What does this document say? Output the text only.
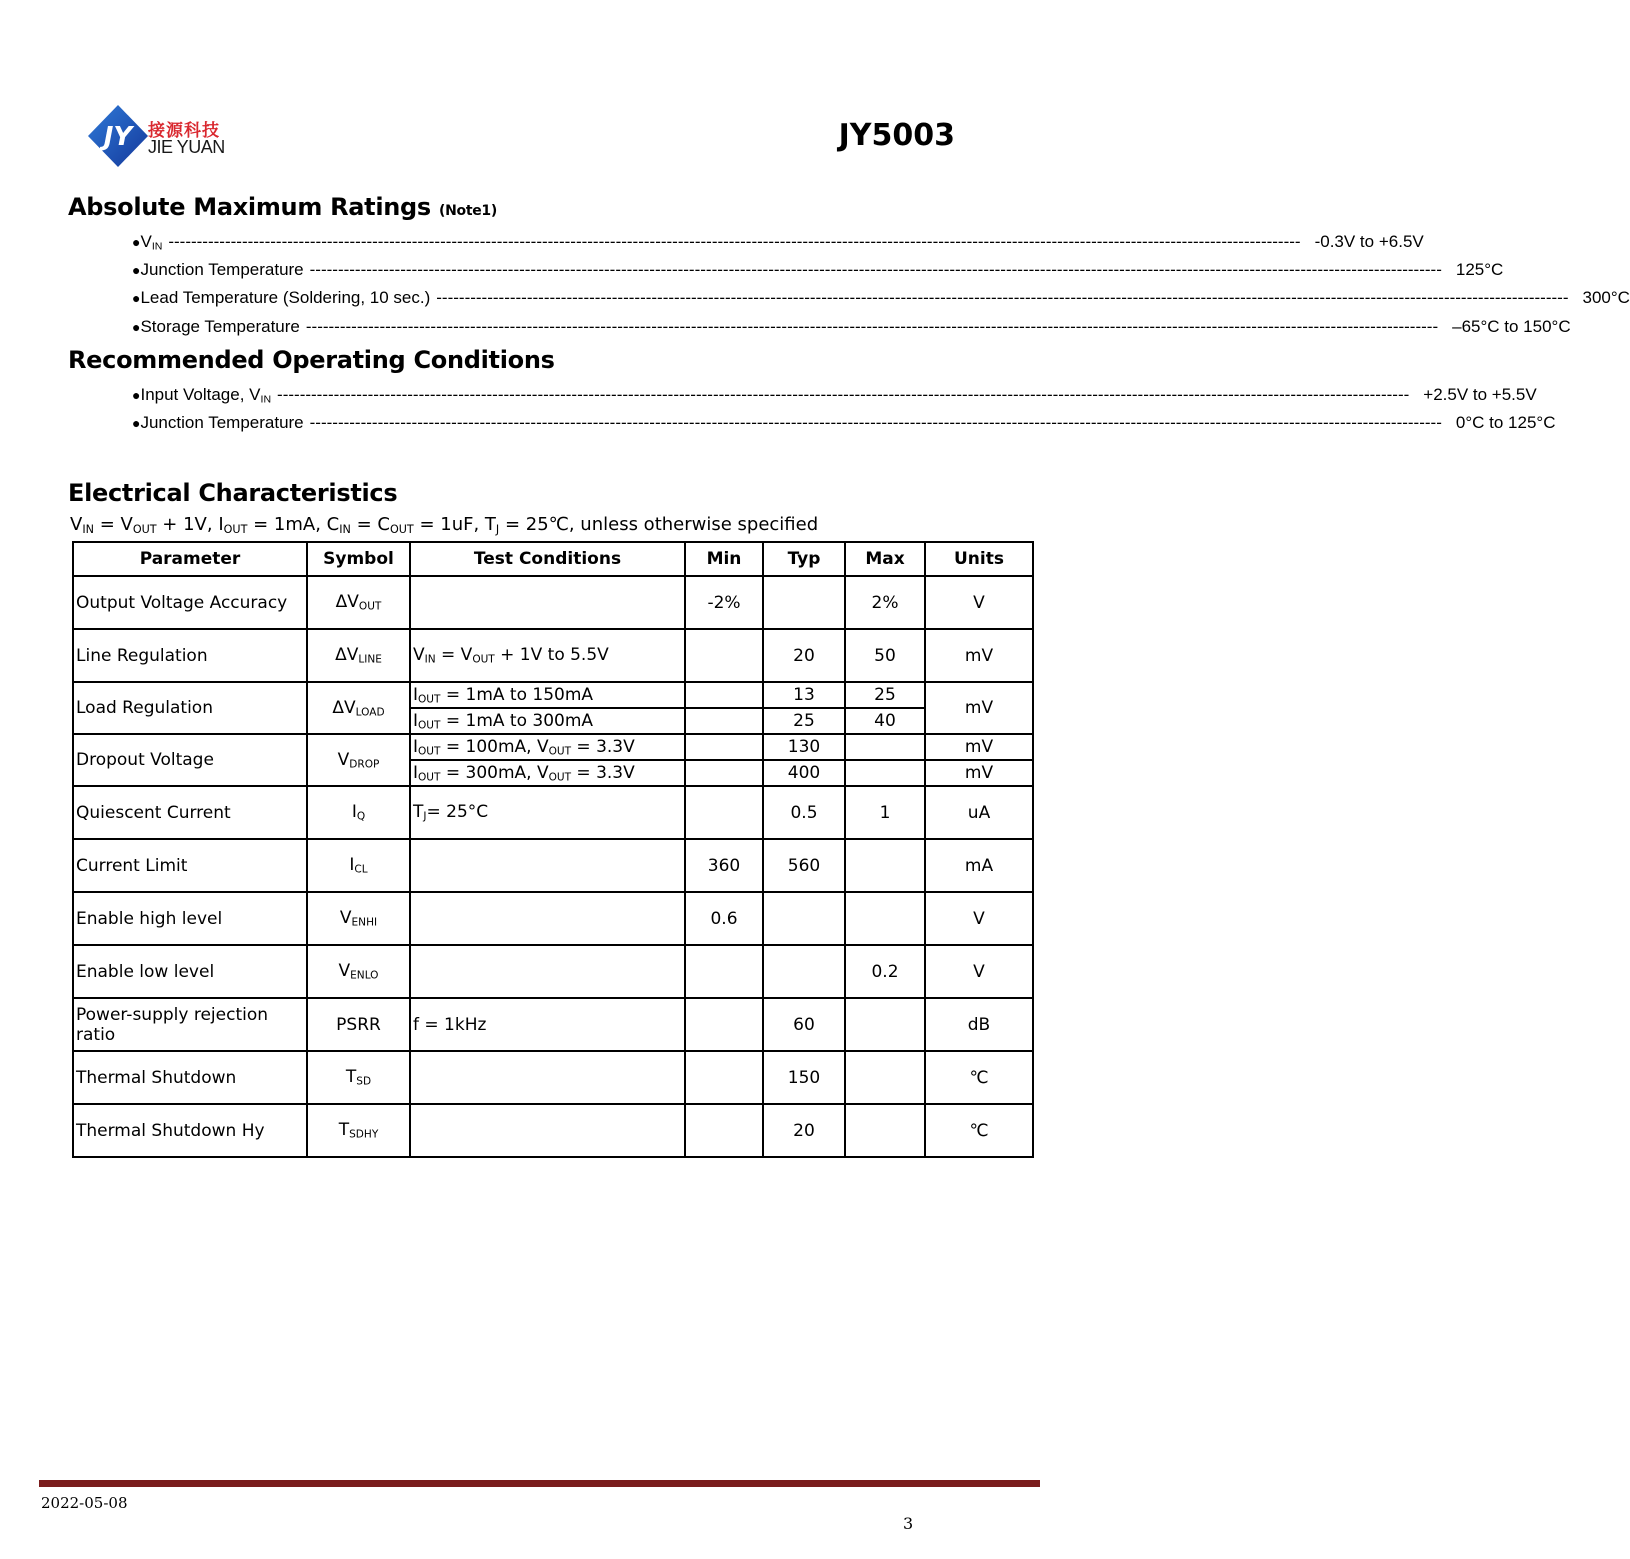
JY 接源科技
JIE YUAN	JY5003
Absolute Maximum Ratings (Note1)
● $V_{IN}$ -------------------------------------------------------------------------------------------------------------------------------------------------------------------------------------------------------- -0.3V to +6.5V
● Junction Temperature -------------------------------------------------------------------------------------------------------------------------------------------------------------------------------------------------------- 125°C
● Lead Temperature (Soldering, 10 sec.) -------------------------------------------------------------------------------------------------------------------------------------------------------------------------------------------------------- 300°C
● Storage Temperature -------------------------------------------------------------------------------------------------------------------------------------------------------------------------------------------------------- –65°C to 150°C
Recommended Operating Conditions
● Input Voltage, $V_{IN}$ -------------------------------------------------------------------------------------------------------------------------------------------------------------------------------------------------------- +2.5V to +5.5V
● Junction Temperature -------------------------------------------------------------------------------------------------------------------------------------------------------------------------------------------------------- 0°C to 125°C
Electrical Characteristics
$V_{IN} = V_{OUT} + 1V$, $I_{OUT} = 1mA$, $C_{IN} = C_{OUT} = 1uF$, $T_J$ = 25℃, unless otherwise specified
Parameter	Symbol	Test Conditions	Min	Typ	Max	Units
Output Voltage Accuracy	$\Delta V_{OUT}$		-2%		2%	V
Line Regulation	$\Delta V_{LINE}$	$V_{IN} = V_{OUT} + 1V$ to 5.5V		20	50	mV
Load Regulation	$\Delta V_{LOAD}$	$I_{OUT} = 1mA$ to 150mA		13	25	mV
		$I_{OUT} = 1mA$ to 300mA		25	40	
Dropout Voltage	$V_{DROP}$	$I_{OUT} = 100mA$, $V_{OUT} = 3.3V$		130		mV
		$I_{OUT} = 300mA$, $V_{OUT} = 3.3V$		400		mV
Quiescent Current	$I_Q$	$T_J= 25^\circ C$		0.5	1	uA
Current Limit	$I_{CL}$		360	560		mA
Enable high level	$V_{ENHI}$		0.6			V
Enable low level	$V_{ENLO}$				0.2	V
Power-supply rejection ratio	PSRR	f = 1kHz		60		dB
Thermal Shutdown	$T_{SD}$			150		℃
Thermal Shutdown Hy	$T_{SDHY}$			20		℃
2022-05-08
3
